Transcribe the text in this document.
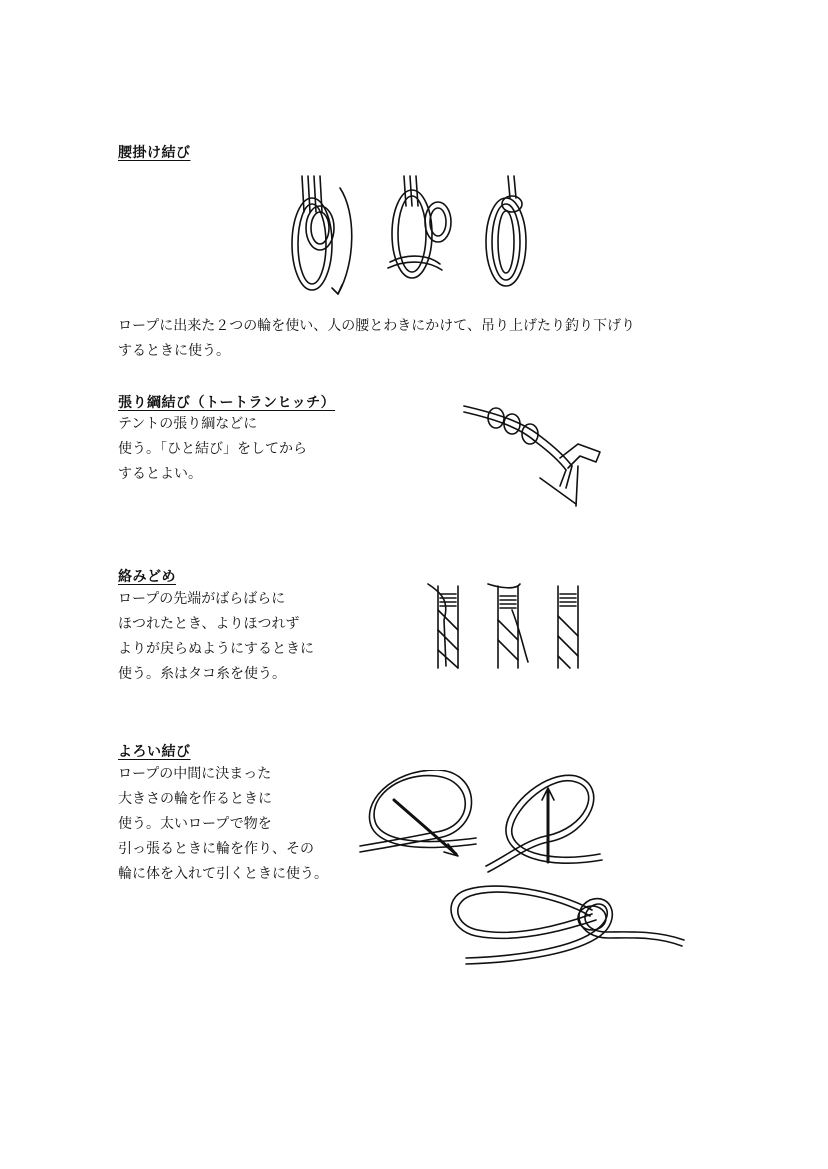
腰掛け結び
ロープに出来た２つの輪を使い、人の腰とわきにかけて、吊り上げたり釣り下げり
するときに使う。
張り綱結び（トートランヒッチ）
テントの張り綱などに
使う。「ひと結び」をしてから
するとよい。
絡みどめ
ロープの先端がばらばらに
ほつれたとき、よりほつれず
よりが戻らぬようにするときに
使う。糸はタコ糸を使う。
よろい結び
ロープの中間に決まった
大きさの輪を作るときに
使う。太いロープで物を
引っ張るときに輪を作り、その
輪に体を入れて引くときに使う。
